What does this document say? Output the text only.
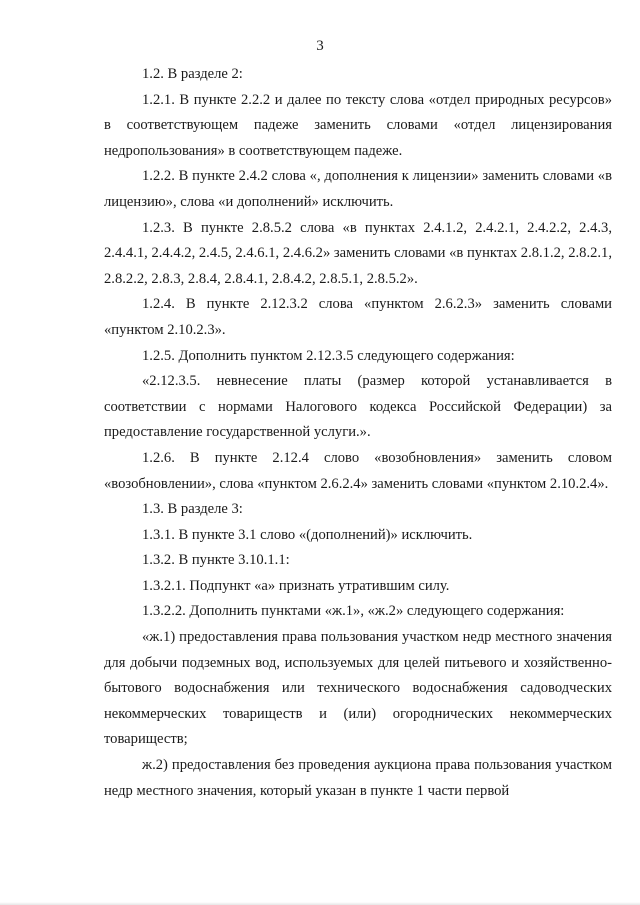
3

1.2. В разделе 2:

1.2.1. В пункте 2.2.2 и далее по тексту слова «отдел природных ресурсов» в соответствующем падеже заменить словами «отдел лицензирования недропользования» в соответствующем падеже.

1.2.2. В пункте 2.4.2 слова «, дополнения к лицензии» заменить словами «в лицензию», слова «и дополнений» исключить.

1.2.3. В пункте 2.8.5.2 слова «в пунктах 2.4.1.2, 2.4.2.1, 2.4.2.2, 2.4.3, 2.4.4.1, 2.4.4.2, 2.4.5, 2.4.6.1, 2.4.6.2» заменить словами «в пунктах 2.8.1.2, 2.8.2.1, 2.8.2.2, 2.8.3, 2.8.4, 2.8.4.1, 2.8.4.2, 2.8.5.1, 2.8.5.2».

1.2.4. В пункте 2.12.3.2 слова «пунктом 2.6.2.3» заменить словами «пунктом 2.10.2.3».

1.2.5. Дополнить пунктом 2.12.3.5 следующего содержания:

«2.12.3.5. невнесение платы (размер которой устанавливается в соответствии с нормами Налогового кодекса Российской Федерации) за предоставление государственной услуги.».

1.2.6. В пункте 2.12.4 слово «возобновления» заменить словом «возобновлении», слова «пунктом 2.6.2.4» заменить словами «пунктом 2.10.2.4».

1.3. В разделе 3:

1.3.1. В пункте 3.1 слово «(дополнений)» исключить.

1.3.2. В пункте 3.10.1.1:

1.3.2.1. Подпункт «а» признать утратившим силу.

1.3.2.2. Дополнить пунктами «ж.1», «ж.2» следующего содержания:

«ж.1) предоставления права пользования участком недр местного значения для добычи подземных вод, используемых для целей питьевого и хозяйственно-бытового водоснабжения или технического водоснабжения садоводческих некоммерческих товариществ и (или) огороднических некоммерческих товариществ;

ж.2) предоставления без проведения аукциона права пользования участком недр местного значения, который указан в пункте 1 части первой
